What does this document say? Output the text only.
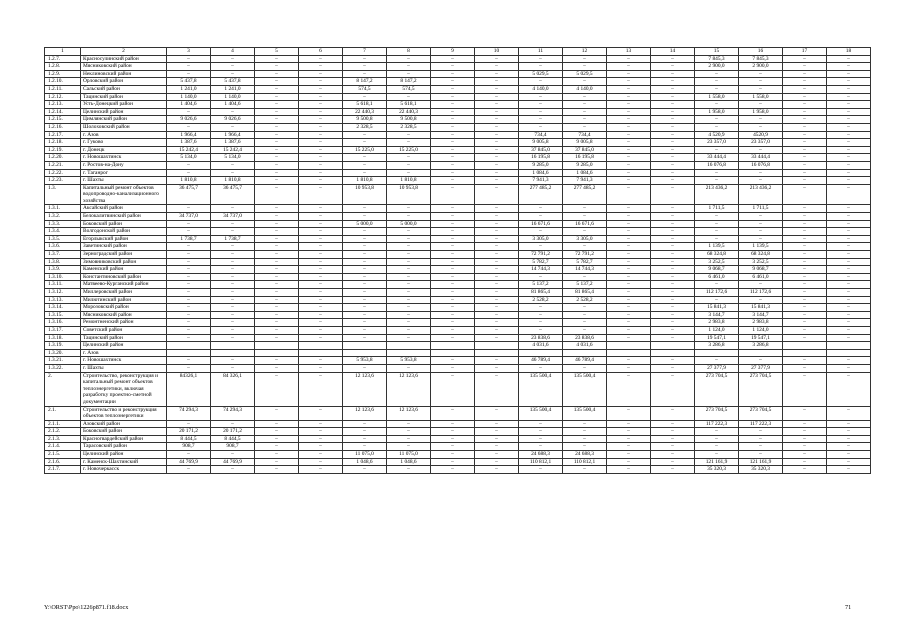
1	2	3	4	5	6	7	8	9	10	11	12	13	14	15	16	17	18
1.2.7.	Красносулинский район	–	–	–	–	–	–	–	–	–	–	–	–	7 845,3	7 845,3	–	–
1.2.8.	Мясниковский район	–	–	–	–	–	–	–	–	–	–	–	–	2 900,0	2 900,0	–	–
1.2.9.	Неклиновский район	–	–	–	–	–	–	–	–	5 029,5	5 029,5	–	–	–	–	–	–
1.2.10.	Орловский район	5 437,8	5 437,8	–	–	8 147,2	8 147,2	–	–	–	–	–	–	–	–	–	–
1.2.11.	Сальский район	1 241,0	1 241,0	–	–	574,5	574,5	–	–	4 140,0	4 140,0	–	–	–	–	–	–
1.2.12.	Тацинский район	1 140,0	1 140,0	–	–	–	–	–	–	–	–	–	–	1 558,0	1 558,0	–	–
1.2.13.	Усть-Донецкий район	1 404,6	1 404,6	–	–	5 618,1	5 618,1	–	–	–	–	–	–	–	–	–	–
1.2.14.	Целинский район	–	–	–	–	22 440,3	22 440,3	–	–	–	–	–	–	1 958,0	1 958,0	–	–
1.2.15.	Цимлянский район	9 026,6	9 026,6	–	–	9 500,8	9 500,8	–	–	–	–	–	–	–	–	–	–
1.2.16.	Шолоховский район	–	–	–	–	2 328,5	2 328,5	–	–	–	–	–	–	–	–	–	–
1.2.17.	г. Азов	1 966,4	1 966,4	–	–	–	–	–	–	734,4	734,4	–	–	4 520,9	4520,9	–	–
1.2.18.	г. Гуково	1 387,6	1 387,6	–	–	–	–	–	–	9 005,8	9 005,8	–	–	23 357,0	23 357,0	–	–
1.2.19.	г. Донецк	15 242,4	15 242,4	–	–	15 225,0	15 225,0	–	–	37 845,0	37 845,0	–	–	–	–	–	–
1.2.20.	г. Новошахтинск	5 134,0	5 134,0	–	–	–	–	–	–	16 195,8	16 195,8	–	–	33 444,4	33 444,4	–	–
1.2.21.	г. Ростов-на-Дону	–	–	–	–	–	–	–	–	9 285,0	9 285,0	–	–	16 076,8	16 076,8	–	–
1.2.22.	г. Таганрог	–	–	–	–	–	–	–	–	1 084,6	1 084,6	–	–	–	–	–	–
1.2.23.	г. Шахты	1 810,8	1 810,8	–	–	1 810,8	1 810,8	–	–	7 941,3	7 941,3	–	–	–	–	–	–
1.3.	Капитальный ремонт объектов водопроводно-канализационного хозяйства	36 475,7	36 475,7	–	–	10 953,8	10 953,8	–	–	277 485,2	277 485,2	–	–	213 436,2	213 436,2	–	–
1.3.1.	Аксайский район	–	–	–	–	–	–	–	–	–	–	–	–	1 711,5	1 711,5	–	–
1.3.2.	Белокалитвинский район	34 737,0	34 737,0	–	–	–	–	–	–	–	–	–	–	–	–	–	–
1.3.3.	Боковский район	–	–	–	–	5 000,0	5 000,0	–	–	16 671,6	16 671,6	–	–	–	–	–	–
1.3.4.	Волгодонской район	–	–	–	–	–	–	–	–	–	–	–	–	–	–	–	–
1.3.5.	Егорлыкский район	1 738,7	1 738,7	–	–	–	–	–	–	3 305,0	3 305,0	–	–	–	–	–	–
1.3.6.	Заветинский район	–	–	–	–	–	–	–	–	–	–	–	–	1 139,5	1 139,5	–	–
1.3.7.	Зерноградский район	–	–	–	–	–	–	–	–	72 791,2	72 791,2	–	–	68 324,8	68 324,8	–	–
1.3.8.	Зимовниковский район	–	–	–	–	–	–	–	–	5 782,7	5 782,7	–	–	3 252,5	3 252,5	–	–
1.3.9.	Каменский район	–	–	–	–	–	–	–	–	14 744,3	14 744,3	–	–	9 068,7	9 068,7	–	–
1.3.10.	Константиновский район	–	–	–	–	–	–	–	–	–	–	–	–	6 461,0	6 461,0	–	–
1.3.11.	Матвеево-Курганский район	–	–	–	–	–	–	–	–	5 137,2	5 137,2	–	–	–	–	–	–
1.3.12.	Миллеровский район	–	–	–	–	–	–	–	–	81 865,4	81 865,4	–	–	112 172,6	112 172,6	–	–
1.3.13.	Милютинский район	–	–	–	–	–	–	–	–	2 528,2	2 528,2	–	–	–	–	–	–
1.3.14.	Морозовский район	–	–	–	–	–	–	–	–	–	–	–	–	15 841,3	15 841,3	–	–
1.3.15.	Мясниковский район	–	–	–	–	–	–	–	–	–	–	–	–	3 144,7	3 144,7	–	–
1.3.16.	Ремонтненский район	–	–	–	–	–	–	–	–	–	–	–	–	2 983,8	2 983,8	–	–
1.3.17.	Советский район	–	–	–	–	–	–	–	–	–	–	–	–	1 124,0	1 124,0	–	–
1.3.18.	Тацинский район	–	–	–	–	–	–	–	–	23 838,6	23 838,6	–	–	19 547,1	19 547,1	–	–
1.3.19.	Целинский район									4 031,6	4 031,6			3 286,8	3 286,8		
1.3.20.	г. Азов																
1.3.21.	г. Новошахтинск	–	–	–	–	5 953,8	5 953,8	–	–	46 789,4	46 789,4	–	–	–	–	–	–
1.3.22.	г. Шахты	–	–	–	–	–	–	–	–	–	–	–	–	27 377,9	27 377,9	–	–
2.	Строительство, реконструкция и капитальный ремонт объектов теплоэнергетики, включая разработку проектно-сметной документации	84326,1	84 326,1	–	–	12 123,6	12 123,6	–	–	135 500,4	135 500,4	–	–	273 704,5	273 704,5	–	–
2.1.	Строительство и реконструкция объектов теплоэнергетики	74 294,3	74 294,3	–	–	12 123,6	12 123,6	–	–	135 500,4	135 500,4	–	–	273 704,5	273 704,5	–	–
2.1.1.	Азовский район	–	–	–	–	–	–	–	–	–	–	–	–	117 222,3	117 222,3	–	–
2.1.2.	Боковский район	20 171,2	20 171,2	–	–	–	–	–	–	–	–	–	–	–	–	–	–
2.1.3.	Красногвардейский район	8 444,5	8 444,5	–	–	–	–	–	–	–	–	–	–	–	–	–	–
2.1.4.	Тарасовский район	908,7	908,7	–	–	–	–	–	–	–	–	–	–	–	–	–	–
2.1.5.	Целинский район	–	–	–	–	11 075,0	11 075,0	–	–	24 688,3	24 688,3	–	–	–	–	–	–
2.1.6.	г. Каменск-Шахтинский	44 769,9	44 769,9	–	–	1 048,6	1 048,6	–	–	110 812,1	110 812,1	–	–	121 161,9	121 161,9	–	–
2.1.7.	г. Новочеркасск	–	–	–	–	–	–	–	–	–	–	–	–	35 320,3	35 320,3	–	–
Y:\ORST\Ppo\1226p871.f18.docx	71
